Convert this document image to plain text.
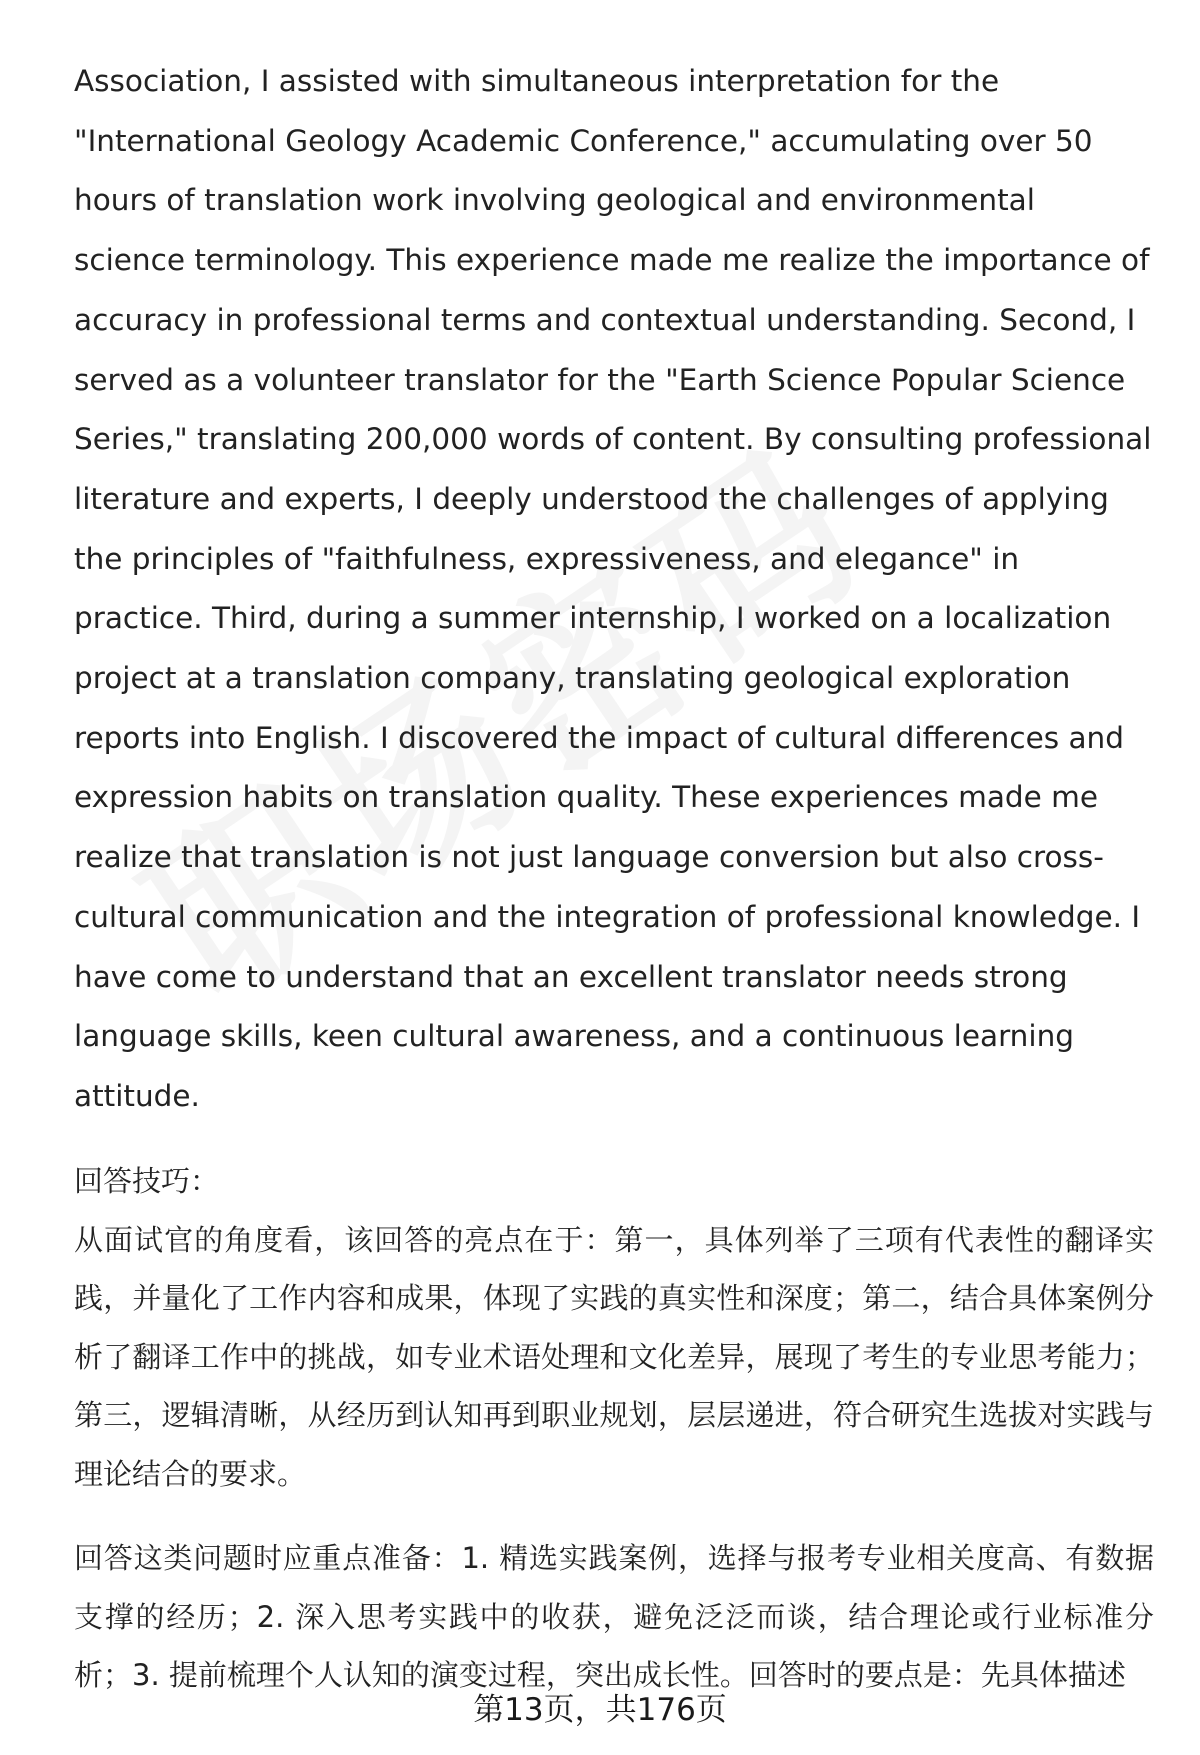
Association, I assisted with simultaneous interpretation for the "International Geology Academic Conference," accumulating over 50 hours of translation work involving geological and environmental science terminology. This experience made me realize the importance of accuracy in professional terms and contextual understanding. Second, I served as a volunteer translator for the "Earth Science Popular Science Series," translating 200,000 words of content. By consulting professional literature and experts, I deeply understood the challenges of applying the principles of "faithfulness, expressiveness, and elegance" in practice. Third, during a summer internship, I worked on a localization project at a translation company, translating geological exploration reports into English. I discovered the impact of cultural differences and expression habits on translation quality. These experiences made me realize that translation is not just language conversion but also cross-cultural communication and the integration of professional knowledge. I have come to understand that an excellent translator needs strong language skills, keen cultural awareness, and a continuous learning attitude.

回答技巧：

从面试官的角度看，该回答的亮点在于：第一，具体列举了三项有代表性的翻译实践，并量化了工作内容和成果，体现了实践的真实性和深度；第二，结合具体案例分析了翻译工作中的挑战，如专业术语处理和文化差异，展现了考生的专业思考能力；第三，逻辑清晰，从经历到认知再到职业规划，层层递进，符合研究生选拔对实践与理论结合的要求。

回答这类问题时应重点准备：1. 精选实践案例，选择与报考专业相关度高、有数据支撑的经历；2. 深入思考实践中的收获，避免泛泛而谈，结合理论或行业标准分析；3. 提前梳理个人认知的演变过程，突出成长性。回答时的要点是：先具体描述

第13页，共176页
